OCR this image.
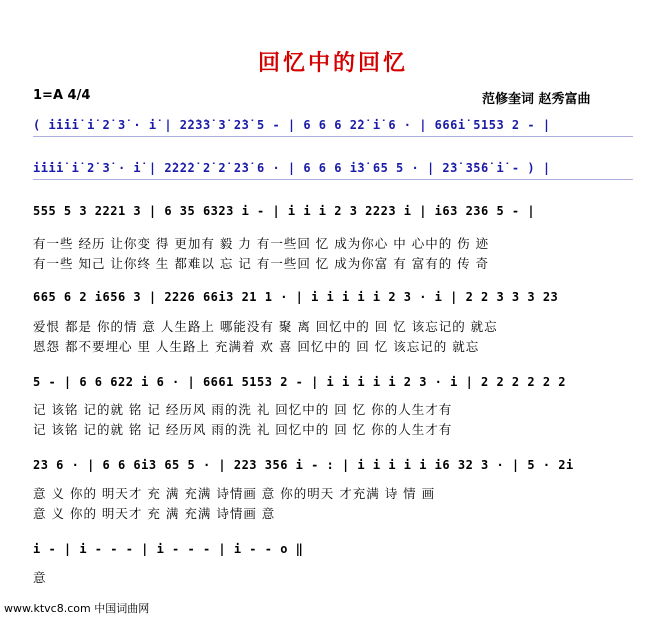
回忆中的回忆
1=A 4/4	范修奎词 赵秀富曲
( i̇i̇i̇i̇ i̇ 2̇ 3̇ · i̇ | 2̇2̇3̇3̇ 3̇ 2̇3̇ 5 - | 6 6 6 2̇2̇ i̇ 6 · | 666i̇ 5153 2 - |
i̇i̇i̇i̇ i̇ 2̇ 3̇ · i̇ | 2̇2̇2̇2̇ 2̇ 2̇ 2̇3̇ 6 · | 6 6 6 i̇3̇ 65 5 · | 2̇3̇ 3̇5̇6̇ i̇ - ) |
555 5 3 2221 3 | 6 35 6323 i - | i i i 2 3 2223 i | i63 236 5 - |
665 6 2 i656 3 | 2226 66i3 21 1 · | i i i i i 2 3 · i | 2 2 3 3 3 23
5 - | 6 6 622 i 6 · | 6661 5153 2 - | i i i i i 2 3 · i | 2 2 2 2 2 2
23 6 · | 6 6 6i3 65 5 · | 223 356 i - : | i i i i i i6 32 3 · | 5 · 2i
i - | i - - - | i - - - | i - - o ‖
有一些 经历 让你变 得 更加有 毅 力 有一些回 忆 成为你心 中 心中的 伤 迹
有一些 知己 让你终 生 都难以 忘 记 有一些回 忆 成为你富 有 富有的 传 奇
爱恨 都是 你的情 意 人生路上 哪能没有 聚 离 回忆中的 回 忆 该忘记的 就忘
恩怨 都不要埋心 里 人生路上 充满着 欢 喜 回忆中的 回 忆 该忘记的 就忘
记 该铭 记的就 铭 记 经历风 雨的洗 礼 回忆中的 回 忆 你的人生才有
记 该铭 记的就 铭 记 经历风 雨的洗 礼 回忆中的 回 忆 你的人生才有
意 义 你的 明天才 充 满 充满 诗情画 意 你的明天 才充满 诗 情 画
意 义 你的 明天才 充 满 充满 诗情画 意
意
www.ktvc8.com 中国词曲网
